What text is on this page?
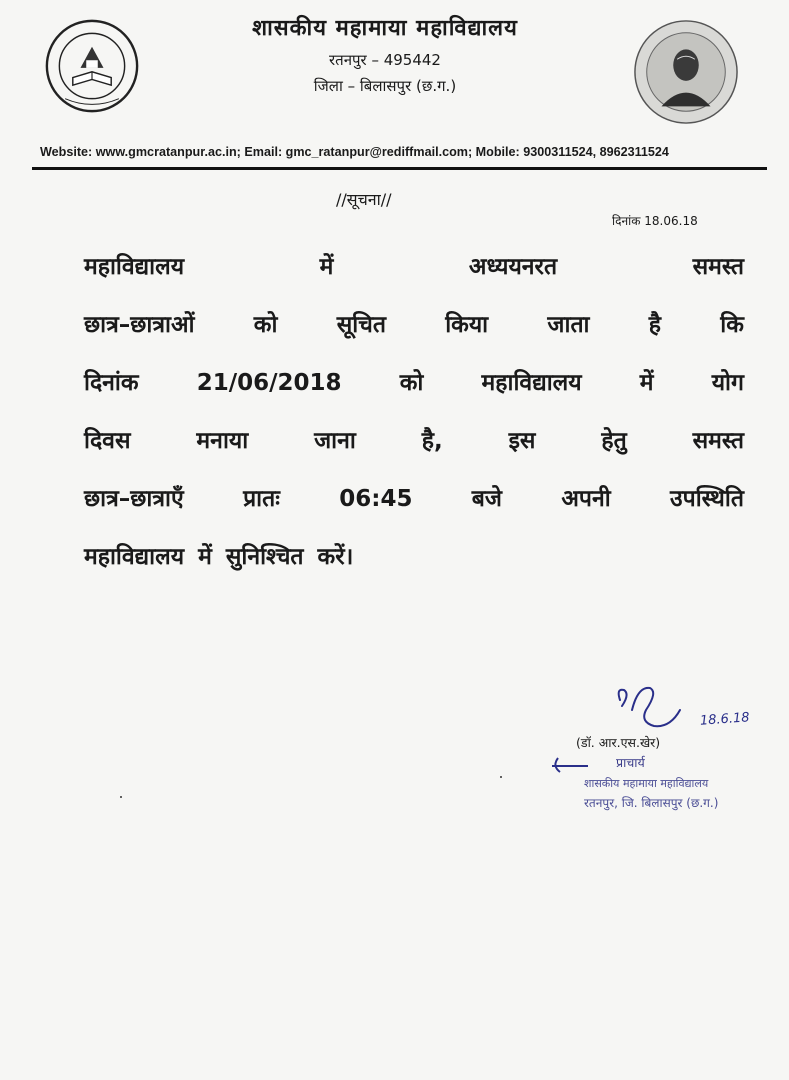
शासकीय महामाया महाविद्यालय
रतनपुर – 495442
जिला – बिलासपुर (छ.ग.)
Website: www.gmcratanpur.ac.in; Email: gmc_ratanpur@rediffmail.com; Mobile: 9300311524, 8962311524
//सूचना//
दिनांक 18.06.18
महाविद्यालय	में	अध्ययनरत	समस्त
छात्र–छात्राओं	को	सूचित	किया	जाता	है	कि
दिनांक	21/06/2018	को	महाविद्यालय	में	योग
दिवस	मनाया	जाना	है,	इस	हेतु	समस्त
छात्र–छात्राएँ	प्रातः	06:45	बजे	अपनी	उपस्थिति
महाविद्यालय में सुनिश्चित करें।
18.6.18
(डॉ. आर.एस.खेर)
प्राचार्य
शासकीय महामाया महाविद्यालय
रतनपुर, जि. बिलासपुर (छ.ग.)
